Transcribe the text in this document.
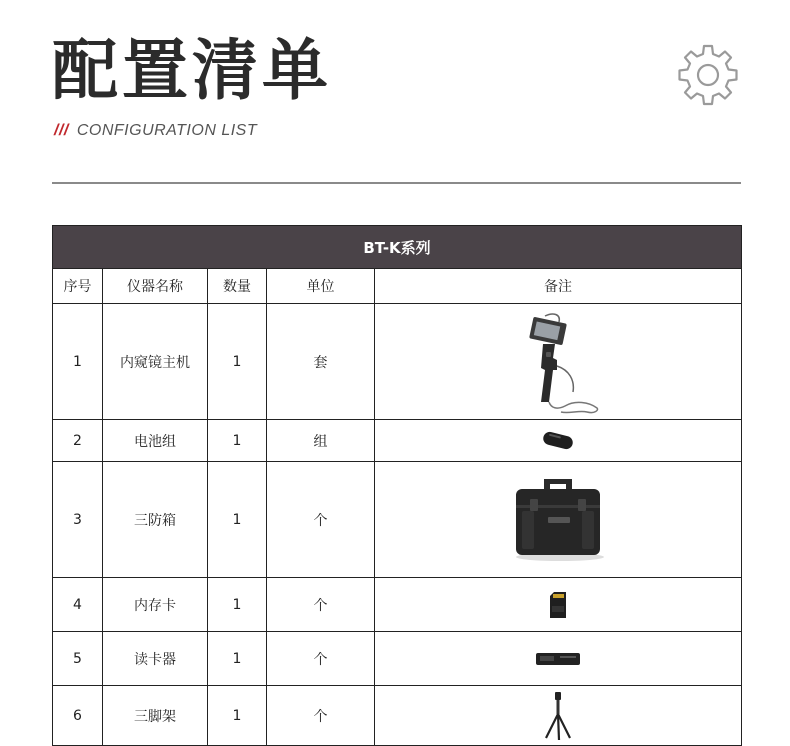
配置清单
/// CONFIGURATION LIST
BT-K系列				
序号	仪器名称	数量	单位	备注
1	内窥镜主机	1	套	

2	电池组	1	组	

3	三防箱	1	个	

4	内存卡	1	个	

5	读卡器	1	个	

6	三脚架	1	个	
